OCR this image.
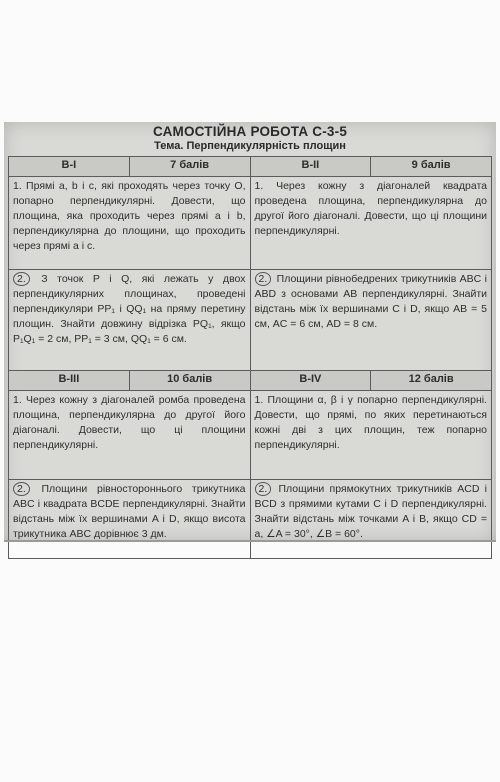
САМОСТІЙНА РОБОТА С-3-5
Тема. Перпендикулярність площин
В-І	7 балів	В-ІІ	9 балів
1. Прямі a, b і c, які проходять через точку O, попарно перпендикулярні. Довести, що площина, яка проходить через прямі a і b, перпендикулярна до площини, що проходить через прямі a і c.		1. Через кожну з діагоналей квадрата проведена площина, перпендикулярна до другої його діагоналі. Довести, що ці площини перпендикулярні.	
2. З точок P і Q, які лежать у двох перпендикулярних площинах, проведені перпендикуляри PP₁ і QQ₁ на пряму перетину площин. Знайти довжину відрізка PQ₁, якщо P₁Q₁ = 2 см, PP₁ = 3 см, QQ₁ = 6 см.		2. Площини рівнобедрених трикутників ABC і ABD з основами AB перпендикулярні. Знайти відстань між їх вершинами C і D, якщо AB = 5 см, AC = 6 см, AD = 8 см.	
В-ІІІ	10 балів	В-ІV	12 балів
1. Через кожну з діагоналей ромба проведена площина, перпендикулярна до другої його діагоналі. Довести, що ці площини перпендикулярні.		1. Площини α, β і γ попарно перпендикулярні. Довести, що прямі, по яких перетинаються кожні дві з цих площин, теж попарно перпендикулярні.	
2. Площини рівностороннього трикутника ABC і квадрата BCDE перпендикулярні. Знайти відстань між їх вершинами A і D, якщо висота трикутника ABC дорівнює 3 дм.		2. Площини прямокутних трикутників ACD і BCD з прямими кутами C і D перпендикулярні. Знайти відстань між точками A і B, якщо CD = a, ∠A = 30°, ∠B = 60°.	
